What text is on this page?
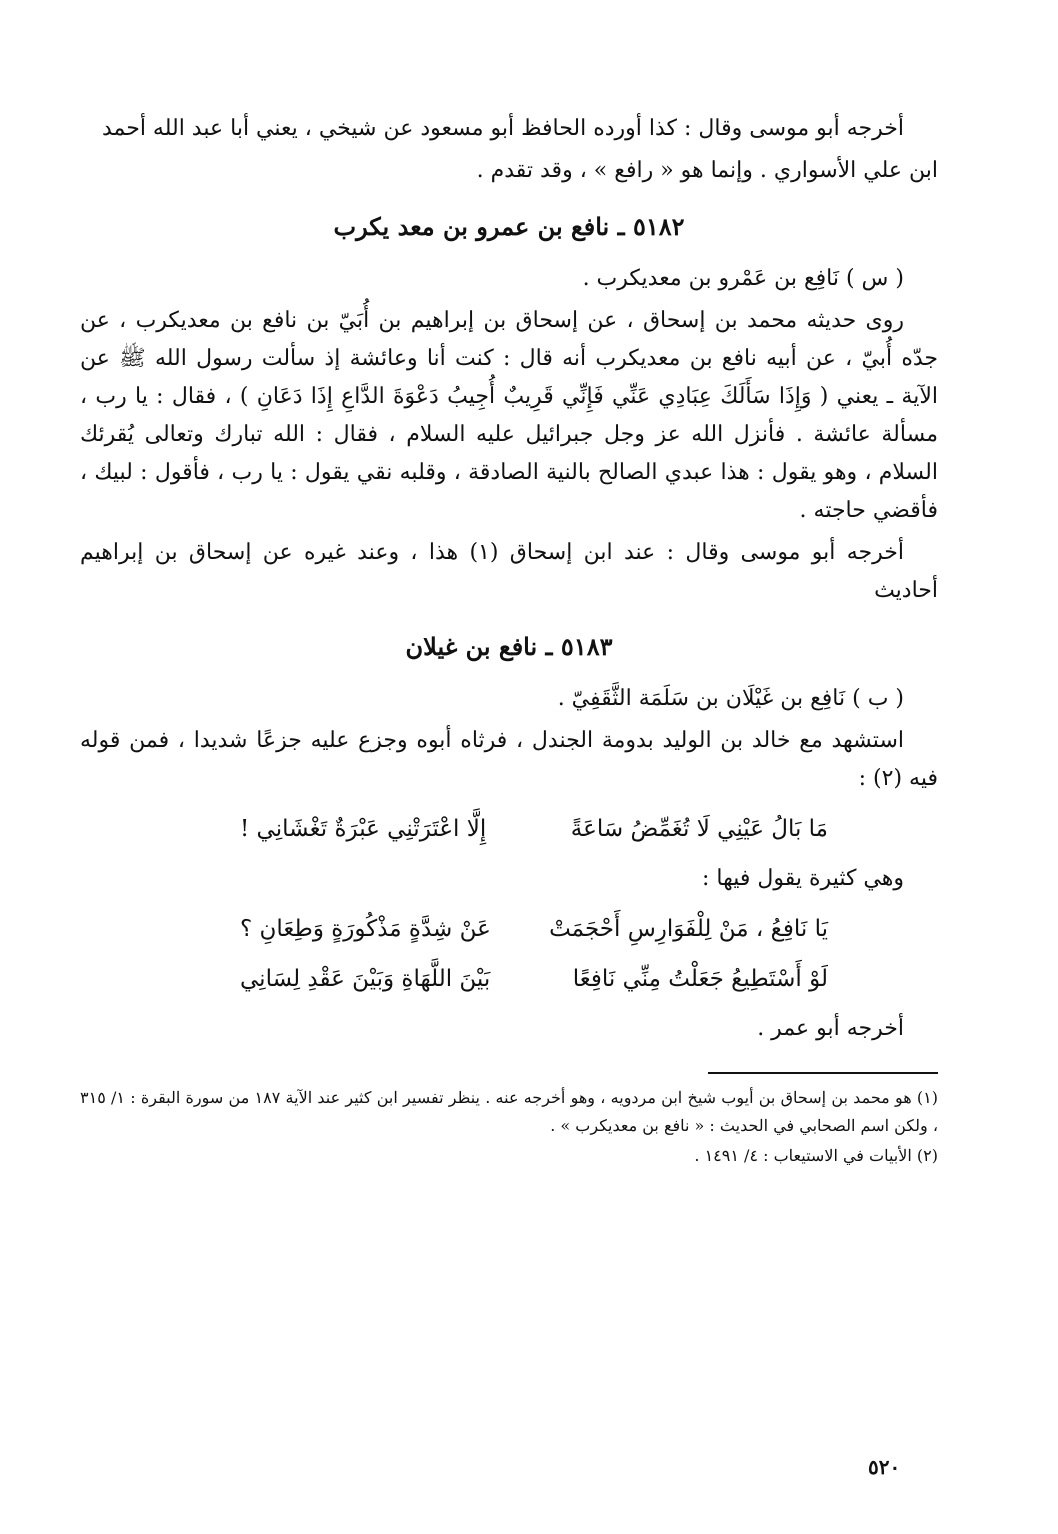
أخرجه أبو موسى وقال : كذا أورده الحافظ أبو مسعود عن شيخي ، يعني أبا عبد الله أحمد

ابن علي الأسواري . وإنما هو « رافع » ، وقد تقدم .

٥١٨٢ ـ نافع بن عمرو بن معد يكرب

( س ) نَافِع بن عَمْرو بن معديكرب .

روى حديثه محمد بن إسحاق ، عن إسحاق بن إبراهيم بن أُبَيّ بن نافع بن معديكرب ، عن جدّه أُبيّ ، عن أبيه نافع بن معديكرب أنه قال : كنت أنا وعائشة إذ سألت رسول الله ﷺ عن الآية ـ يعني ( وَإِذَا سَأَلَكَ عِبَادِي عَنِّي فَإِنِّي قَرِيبٌ أُجِيبُ دَعْوَةَ الدَّاعِ إِذَا دَعَانِ ) ، فقال : يا رب ، مسألة عائشة . فأنزل الله عز وجل جبرائيل عليه السلام ، فقال : الله تبارك وتعالى يُقرئك السلام ، وهو يقول : هذا عبدي الصالح بالنية الصادقة ، وقلبه نقي يقول : يا رب ، فأقول : لبيك ، فأقضي حاجته .

أخرجه أبو موسى وقال : عند ابن إسحاق (١) هذا ، وعند غيره عن إسحاق بن إبراهيم أحاديث

٥١٨٣ ـ نافع بن غيلان

( ب ) نَافِع بن غَيْلَان بن سَلَمَة الثَّقَفِيّ .

استشهد مع خالد بن الوليد بدومة الجندل ، فرثاه أبوه وجزع عليه جزعًا شديدا ، فمن قوله فيه (٢) :

مَا بَالُ عَيْنِي لَا تُغَمِّضُ سَاعَةً
إِلَّا اعْتَرَتْنِي عَبْرَةٌ تَغْشَانِي !

وهي كثيرة يقول فيها :

يَا نَافِعُ ، مَنْ لِلْفَوَارِسِ أَحْجَمَتْ
عَنْ شِدَّةٍ مَذْكُورَةٍ وَطِعَانِ ؟
لَوْ أَسْتَطِيعُ جَعَلْتُ مِنِّي نَافِعًا
بَيْنَ اللَّهَاةِ وَبَيْنَ عَقْدِ لِسَانِي

أخرجه أبو عمر .

(١) هو محمد بن إسحاق بن أيوب شيخ ابن مردويه ، وهو أخرجه عنه . ينظر تفسير ابن كثير عند الآية ١٨٧ من سورة البقرة : ١/ ٣١٥ ، ولكن اسم الصحابي في الحديث : « نافع بن معديكرب » .

(٢) الأبيات في الاستيعاب : ٤/ ١٤٩١ .

٥٢٠
